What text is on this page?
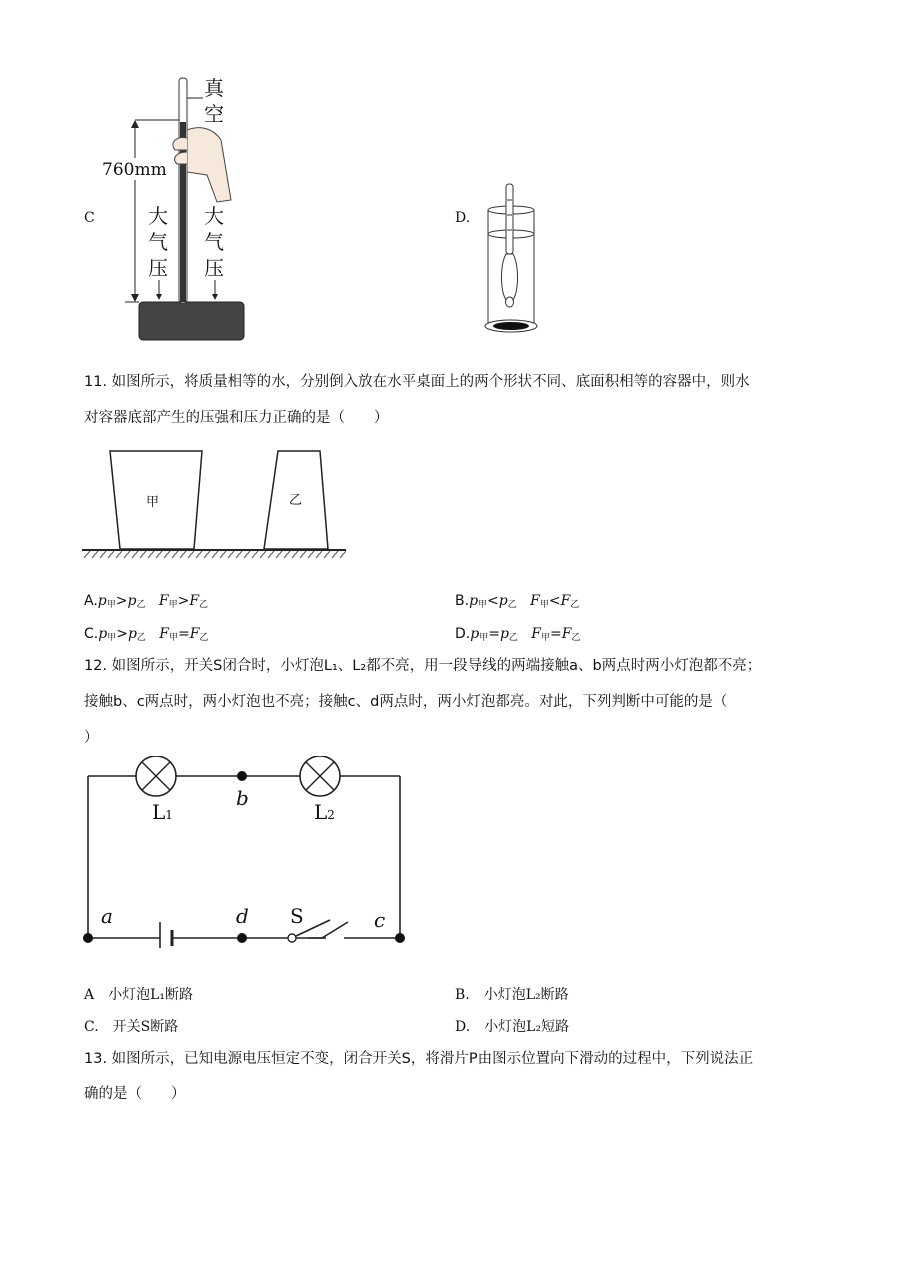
C
真
空
760mm
大
气
压
大
气
压
D.
11. 如图所示，将质量相等的水，分别倒入放在水平桌面上的两个形状不同、底面积相等的容器中，则水
对容器底部产生的压强和压力正确的是（　　）
甲	乙
$A.p_甲>p_乙$ $F_甲>F_乙$	$B.p_甲<p_乙$ $F_甲<F_乙$
$C.p_甲>p_乙$ $F_甲=F_乙$	$D.p_甲=p_乙$ $F_甲=F_乙$
12. 如图所示，开关S闭合时，小灯泡L₁、L₂都不亮，用一段导线的两端接触a、b两点时两小灯泡都不亮；
接触b、c两点时，两小灯泡也不亮；接触c、d两点时，两小灯泡都亮。对此，下列判断中可能的是（
）
L1	L2
b
a	d S	c
A　小灯泡L₁断路	B.　小灯泡L₂断路
C.　开关S断路	D.　小灯泡L₂短路
13. 如图所示，已知电源电压恒定不变，闭合开关S，将滑片P由图示位置向下滑动的过程中，下列说法正
确的是（　　）
